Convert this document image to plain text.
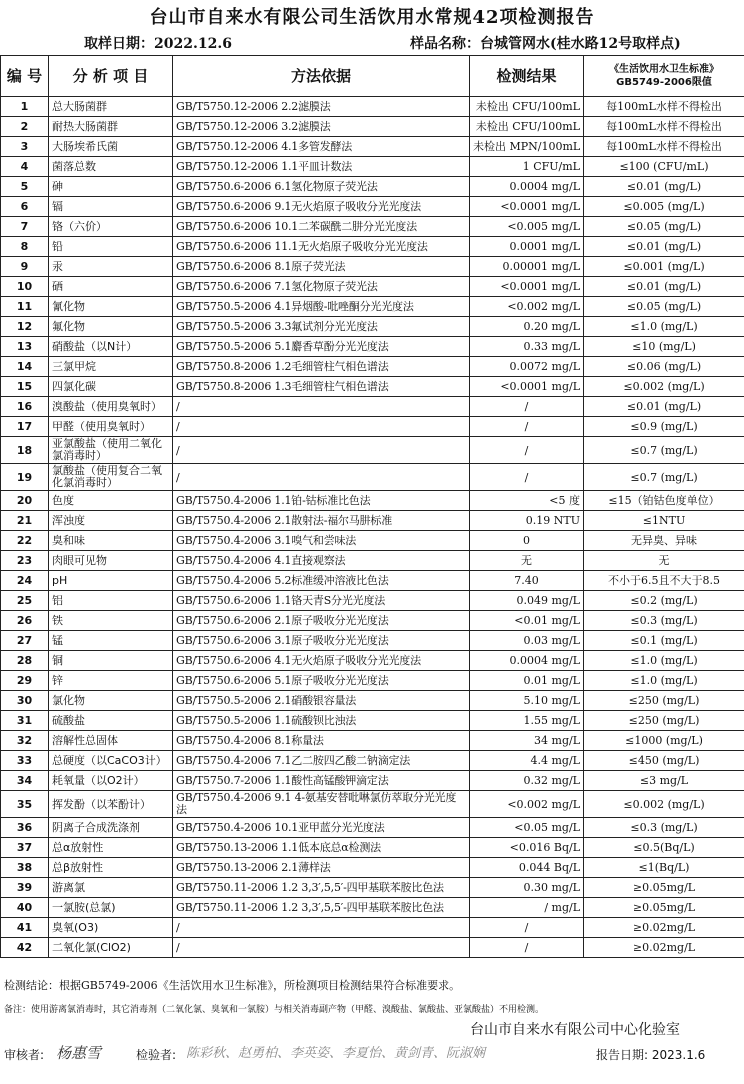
台山市自来水有限公司生活饮用水常规42项检测报告
取样日期：2022.12.6	样品名称：台城管网水(桂水路12号取样点)
编 号	分 析 项 目	方法依据	检测结果	《生活饮用水卫生标准》 GB5749-2006限值
1	总大肠菌群	GB/T5750.12-2006 2.2滤膜法	未检出 CFU/100mL	每100mL水样不得检出
2	耐热大肠菌群	GB/T5750.12-2006 3.2滤膜法	未检出 CFU/100mL	每100mL水样不得检出
3	大肠埃希氏菌	GB/T5750.12-2006 4.1多管发酵法	未检出 MPN/100mL	每100mL水样不得检出
4	菌落总数	GB/T5750.12-2006 1.1平皿计数法	1 CFU/mL	≤100 (CFU/mL)
5	砷	GB/T5750.6-2006 6.1氢化物原子荧光法	0.0004 mg/L	≤0.01 (mg/L)
6	镉	GB/T5750.6-2006 9.1无火焰原子吸收分光光度法	<0.0001 mg/L	≤0.005 (mg/L)
7	铬（六价）	GB/T5750.6-2006 10.1二苯碳酰二肼分光光度法	<0.005 mg/L	≤0.05 (mg/L)
8	铅	GB/T5750.6-2006 11.1无火焰原子吸收分光光度法	0.0001 mg/L	≤0.01 (mg/L)
9	汞	GB/T5750.6-2006 8.1原子荧光法	0.00001 mg/L	≤0.001 (mg/L)
10	硒	GB/T5750.6-2006 7.1氢化物原子荧光法	<0.0001 mg/L	≤0.01 (mg/L)
11	氰化物	GB/T5750.5-2006 4.1异烟酸-吡唑酮分光光度法	<0.002 mg/L	≤0.05 (mg/L)
12	氟化物	GB/T5750.5-2006 3.3氟试剂分光光度法	0.20 mg/L	≤1.0 (mg/L)
13	硝酸盐（以N计）	GB/T5750.5-2006 5.1麝香草酚分光光度法	0.33 mg/L	≤10 (mg/L)
14	三氯甲烷	GB/T5750.8-2006 1.2毛细管柱气相色谱法	0.0072 mg/L	≤0.06 (mg/L)
15	四氯化碳	GB/T5750.8-2006 1.3毛细管柱气相色谱法	<0.0001 mg/L	≤0.002 (mg/L)
16	溴酸盐（使用臭氧时）	/	/	≤0.01 (mg/L)
17	甲醛（使用臭氧时）	/	/	≤0.9 (mg/L)
18	亚氯酸盐（使用二氧化氯消毒时）	/	/	≤0.7 (mg/L)
19	氯酸盐（使用复合二氧化氯消毒时）	/	/	≤0.7 (mg/L)
20	色度	GB/T5750.4-2006 1.1铂-钴标准比色法	<5 度	≤15（铂钴色度单位）
21	浑浊度	GB/T5750.4-2006 2.1散射法-福尔马肼标准	0.19 NTU	≤1NTU
22	臭和味	GB/T5750.4-2006 3.1嗅气和尝味法	0	无异臭、异味
23	肉眼可见物	GB/T5750.4-2006 4.1直接观察法	无	无
24	pH	GB/T5750.4-2006 5.2标准缓冲溶液比色法	7.40	不小于6.5且不大于8.5
25	铝	GB/T5750.6-2006 1.1铬天青S分光光度法	0.049 mg/L	≤0.2 (mg/L)
26	铁	GB/T5750.6-2006 2.1原子吸收分光光度法	<0.01 mg/L	≤0.3 (mg/L)
27	锰	GB/T5750.6-2006 3.1原子吸收分光光度法	0.03 mg/L	≤0.1 (mg/L)
28	铜	GB/T5750.6-2006 4.1无火焰原子吸收分光光度法	0.0004 mg/L	≤1.0 (mg/L)
29	锌	GB/T5750.6-2006 5.1原子吸收分光光度法	0.01 mg/L	≤1.0 (mg/L)
30	氯化物	GB/T5750.5-2006 2.1硝酸银容量法	5.10 mg/L	≤250 (mg/L)
31	硫酸盐	GB/T5750.5-2006 1.1硫酸钡比浊法	1.55 mg/L	≤250 (mg/L)
32	溶解性总固体	GB/T5750.4-2006 8.1称量法	34 mg/L	≤1000 (mg/L)
33	总硬度（以CaCO3计）	GB/T5750.4-2006 7.1乙二胺四乙酸二钠滴定法	4.4 mg/L	≤450 (mg/L)
34	耗氧量（以O2计）	GB/T5750.7-2006 1.1酸性高锰酸钾滴定法	0.32 mg/L	≤3 mg/L
35	挥发酚（以苯酚计）	GB/T5750.4-2006 9.1 4-氨基安替吡啉氯仿萃取分光光度法	<0.002 mg/L	≤0.002 (mg/L)
36	阴离子合成洗涤剂	GB/T5750.4-2006 10.1亚甲蓝分光光度法	<0.05 mg/L	≤0.3 (mg/L)
37	总α放射性	GB/T5750.13-2006 1.1低本底总α检测法	<0.016 Bq/L	≤0.5(Bq/L)
38	总β放射性	GB/T5750.13-2006 2.1薄样法	0.044 Bq/L	≤1(Bq/L)
39	游离氯	GB/T5750.11-2006 1.2 3,3′,5,5′-四甲基联苯胺比色法	0.30 mg/L	≥0.05mg/L
40	一氯胺(总氯)	GB/T5750.11-2006 1.2 3,3′,5,5′-四甲基联苯胺比色法	/ mg/L	≥0.05mg/L
41	臭氧(O3)	/	/	≥0.02mg/L
42	二氧化氯(ClO2)	/	/	≥0.02mg/L
检测结论：根据GB5749-2006《生活饮用水卫生标准》，所检测项目检测结果符合标准要求。
备注：使用游离氯消毒时，其它消毒剂（二氧化氯、臭氧和一氯胺）与相关消毒副产物（甲醛、溴酸盐、氯酸盐、亚氯酸盐）不用检测。
台山市自来水有限公司中心化验室
审核者: 杨惠雪	检验者: 陈彩秋、赵勇柏、李英姿、李夏怡、黄剑青、阮淑娴	报告日期: 2023.1.6
